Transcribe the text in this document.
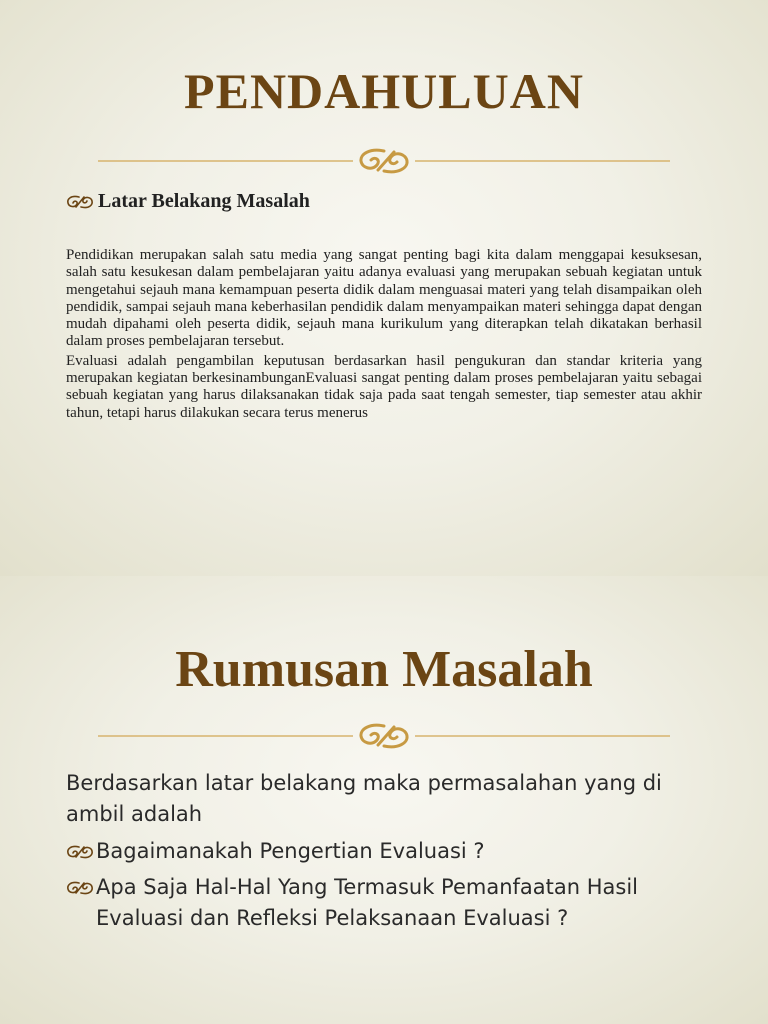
PENDAHULUAN
Latar Belakang Masalah

Pendidikan merupakan salah satu media yang sangat penting bagi kita dalam menggapai kesuksesan, salah satu kesukesan dalam pembelajaran yaitu adanya evaluasi yang merupakan sebuah kegiatan untuk mengetahui sejauh mana kemampuan peserta didik dalam menguasai materi yang telah disampaikan oleh pendidik, sampai sejauh mana keberhasilan pendidik dalam menyampaikan materi sehingga dapat dengan mudah dipahami oleh peserta didik, sejauh mana kurikulum yang diterapkan telah dikatakan berhasil dalam proses pembelajaran tersebut.

Evaluasi adalah pengambilan keputusan berdasarkan hasil pengukuran dan standar kriteria yang merupakan kegiatan berkesinambunganEvaluasi sangat penting dalam proses pembelajaran yaitu sebagai sebuah kegiatan yang harus dilaksanakan tidak saja pada saat tengah semester, tiap semester atau akhir tahun, tetapi harus dilakukan secara terus menerus

Rumusan Masalah
Berdasarkan latar belakang maka permasalahan yang di ambil adalah
Bagaimanakah Pengertian Evaluasi ?
Apa Saja Hal-Hal Yang Termasuk Pemanfaatan Hasil Evaluasi dan Refleksi Pelaksanaan Evaluasi ?
